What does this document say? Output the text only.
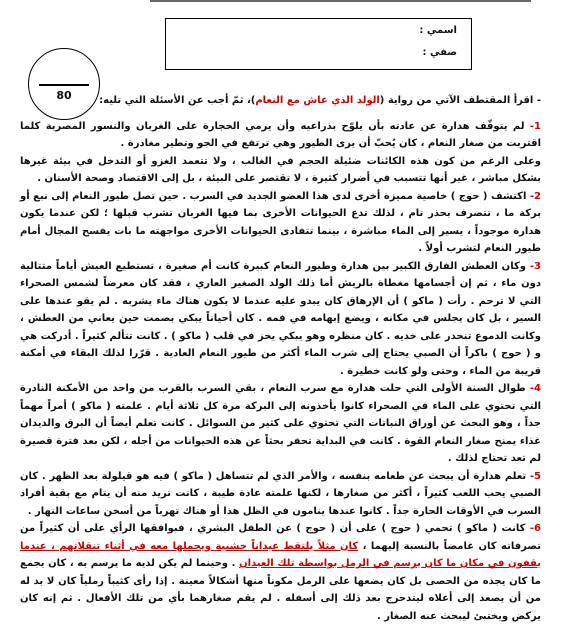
اسمي :
صفي :
80	- اقرأ المقتطف الآتي من رواية (الولد الذي عاش مع النعام)، ثمّ أجب عن الأسئلة التي تليه:

1- لم يتوقّف هدارة عن عادته بأن يلوّح بذراعيه وأن يرمي الحجارة على الغربان والنسور المصرية كلما اقتربت من صغار النعام ، كان يُحبّ أن يرى الطيور وهي ترتفع في الجو وتطير مغادرة .

وعلى الرغم من كون هذه الكائنات ضئيلة الحجم في الغالب ، ولا تتعمد الغزو أو التدخل في بيئة غيرها بشكل مباشر ، غير أنها تتسبب في أضرار كثيرة ، لا تقتصر على البيئة ، بل إلى الاقتصاد وصحة الأسنان .

2- اكتشف ( حوج ) خاصية مميزة أخرى لدى هذا العضو الجديد في السرب . حين تصل طيور النعام إلى نبع أو بركة ما ، تتصرف بحذر تام ، لذلك تدع الحيوانات الأخرى بما فيها الغربان تشرب قبلها ؛ لكن عندما يكون هدارة موجوداً ، يسير إلى الماء مباشرة ، بينما تتفادى الحيوانات الأخرى مواجهته ما بات يفسح المجال أمام طيور النعام لتشرب أولاً .

3- وكان العطش الفارق الكبير بين هدارة وطيور النعام كبيرة كانت أم صغيرة ، تستطيع العيش أياماً متتالية دون ماء ، ثم إن أجسامها مغطاة بالريش أما ذلك الولد الصغير العاري ، فقد كان معرضاً لشمس الصحراء التي لا ترحم . رأت ( ماكو ) أن الإرهاق كان يبدو عليه عندما لا يكون هناك ماء يشربه . لم يقو عندها على السير ، بل كان يجلس في مكانه ، ويضع إبهامه في فمه . كان أحياناً يبكي بصمت حين يعاني من العطش ، وكانت الدموع تنحدر على خديه . كان منظره وهو يبكي يحز في قلب ( ماكو ) . كانت تتألم كثيراً . أدركت هي و ( حوج ) باكراً أن الصبي يحتاج إلى شرب الماء أكثر من طيور النعام العادية . قرّرا لذلك البقاء في أمكنة قريبة من الماء ، وحتى ولو كانت خطيرة .

4- طوال السنة الأولى التي حلت هدارة مع سرب النعام ، بقي السرب بالقرب من واحد من الأمكنة النادرة التي تحتوي على الماء في الصحراء كانوا يأخذونه إلى البركة مرة كل ثلاثة أيام . علمته ( ماكو ) أمراً مهماً جداً ، وهو البحث عن أوراق النباتات التي تحتوي على كثير من السوائل . كانت تعلم أيضاً أن البرق والديدان غذاء يمنح صغار النعام القوة . كانت في البداية تحفر بحثاً عن هذه الحيوانات من أجله ، لكن بعد فترة قصيرة لم تعد تحتاج لذلك .

5- تعلم هدارة أن يبحث عن طعامه بنفسه ، والأمر الذي لم تتساهل ( ماكو ) فيه هو قيلولة بعد الظهر . كان الصبي يحب اللعب كثيراً ، أكثر من صغارها ، لكنها علمته عادة طيبة ، كانت تريد منه أن يتام مع بقية أفراد السرب في الأوقات الحارة جداً . كانوا عندها ينامون في الظل هذا أو هناك تهرباً من أسخن ساعات النهار .

6- كانت ( ماكو ) تحمي ( حوج ) على أن ( حوج ) عن الطفل البشري ، فبوافقها الرأي على أن كثيراً من تصرفاته كان غامضاً بالنسبة إليهما ، كان مثلاً يلتقط عيداناً خشبية ويحملها معه في أثناء تنقلاتهم ، عندما يقفون في مكان ما كان يرسم في الرمل بواسطة تلك العيدان . وحينما لم يكن لديه ما يرسم به ، كان يجمع ما كان يجده من الحصى بل كان يضعها على الرمل مكوناً منها أشكالاً معينة . إذا رأى كثيباً رملياً كان لا بد له من أن يصعد إلى أعلاه ليتدحرج بعد ذلك إلى أسفله . لم يقم صغارهما بأي من تلك الأفعال . ثم إنه كان يركض ويختبئ ليبحث عنه الصغار .
